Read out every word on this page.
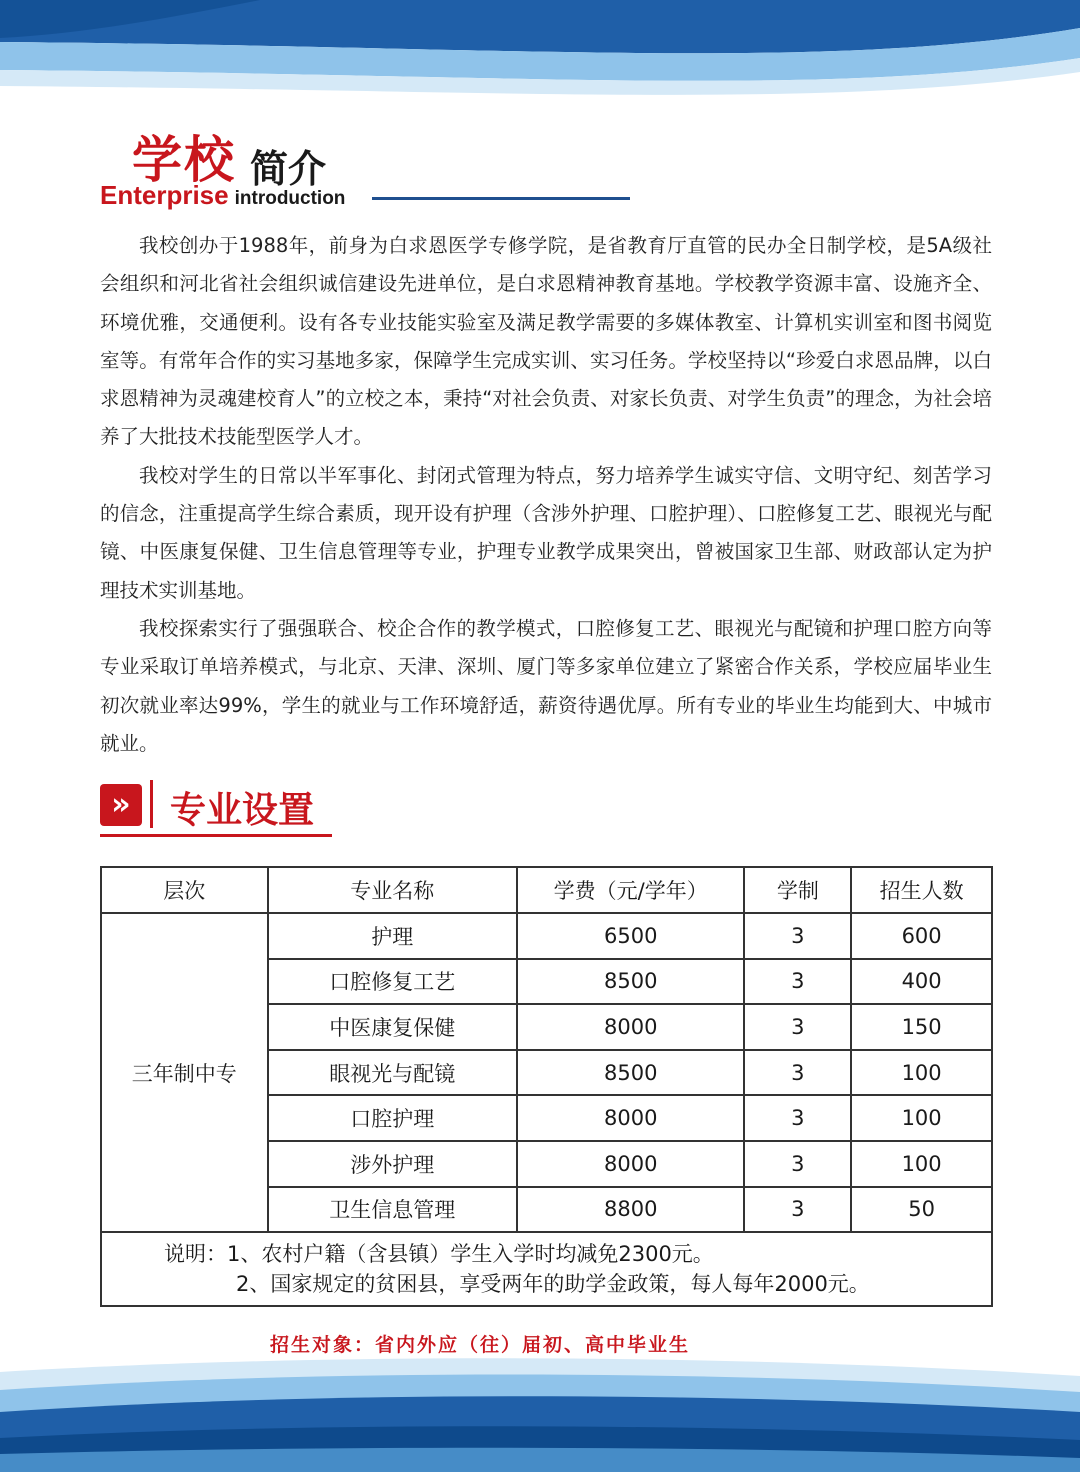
学校 简介
Enterprise introduction

我校创办于1988年，前身为白求恩医学专修学院，是省教育厅直管的民办全日制学校，是5A级社会组织和河北省社会组织诚信建设先进单位，是白求恩精神教育基地。学校教学资源丰富、设施齐全、环境优雅，交通便利。设有各专业技能实验室及满足教学需要的多媒体教室、计算机实训室和图书阅览室等。有常年合作的实习基地多家，保障学生完成实训、实习任务。学校坚持以“珍爱白求恩品牌，以白求恩精神为灵魂建校育人”的立校之本，秉持“对社会负责、对家长负责、对学生负责”的理念，为社会培养了大批技术技能型医学人才。

我校对学生的日常以半军事化、封闭式管理为特点，努力培养学生诚实守信、文明守纪、刻苦学习的信念，注重提高学生综合素质，现开设有护理（含涉外护理、口腔护理）、口腔修复工艺、眼视光与配镜、中医康复保健、卫生信息管理等专业，护理专业教学成果突出，曾被国家卫生部、财政部认定为护理技术实训基地。

我校探索实行了强强联合、校企合作的教学模式，口腔修复工艺、眼视光与配镜和护理口腔方向等专业采取订单培养模式，与北京、天津、深圳、厦门等多家单位建立了紧密合作关系，学校应届毕业生初次就业率达99%，学生的就业与工作环境舒适，薪资待遇优厚。所有专业的毕业生均能到大、中城市就业。

»	专业设置
层次	专业名称	学费（元/学年）	学制	招生人数
三年制中专	护理	6500	3	600
	口腔修复工艺	8500	3	400
	中医康复保健	8000	3	150
	眼视光与配镜	8500	3	100
	口腔护理	8000	3	100
	涉外护理	8000	3	100
	卫生信息管理	8800	3	50

说明：1、农村户籍（含县镇）学生入学时均减免2300元。
2、国家规定的贫困县，享受两年的助学金政策，每人每年2000元。				
招生对象：省内外应（往）届初、高中毕业生
